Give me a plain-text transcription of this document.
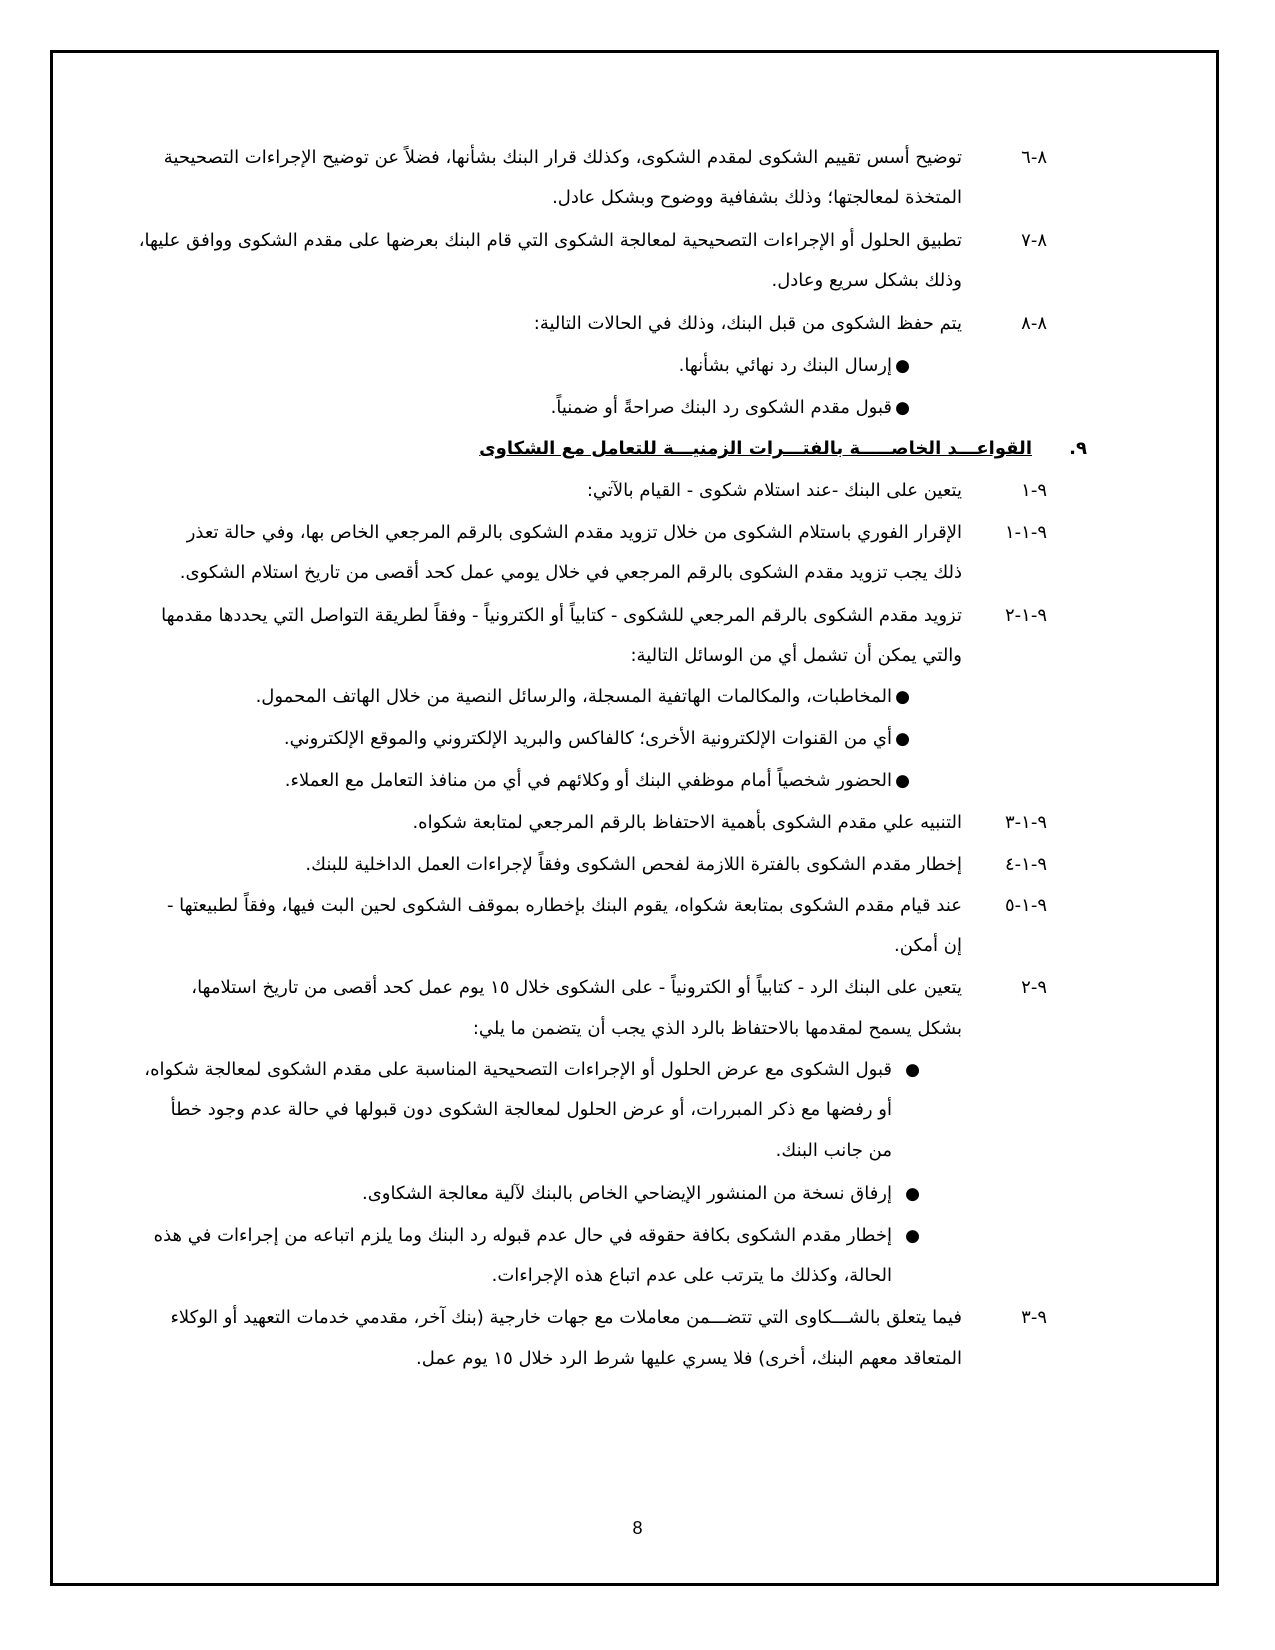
٨-٦
توضيح أسس تقييم الشكوى لمقدم الشكوى، وكذلك قرار البنك بشأنها، فضلاً عن توضيح الإجراءات التصحيحية
المتخذة لمعالجتها؛ وذلك بشفافية ووضوح وبشكل عادل.
٨-٧
تطبيق الحلول أو الإجراءات التصحيحية لمعالجة الشكوى التي قام البنك بعرضها على مقدم الشكوى ووافق عليها،
وذلك بشكل سريع وعادل.
٨-٨
يتم حفظ الشكوى من قبل البنك، وذلك في الحالات التالية:
●
إرسال البنك رد نهائي بشأنها.
●
قبول مقدم الشكوى رد البنك صراحةً أو ضمنياً.
.٩
القواعـــد الخاصـــــة بالفتـــرات الزمنيـــة للتعامل مع الشكاوى
٩-١
يتعين على البنك -عند استلام شكوى - القيام بالآتي:
٩-١-١
الإقرار الفوري باستلام الشكوى من خلال تزويد مقدم الشكوى بالرقم المرجعي الخاص بها، وفي حالة تعذر
ذلك يجب تزويد مقدم الشكوى بالرقم المرجعي في خلال يومي عمل كحد أقصى من تاريخ استلام الشكوى.
٩-١-٢
تزويد مقدم الشكوى بالرقم المرجعي للشكوى - كتابياً أو الكترونياً - وفقاً لطريقة التواصل التي يحددها مقدمها
والتي يمكن أن تشمل أي من الوسائل التالية:
●
المخاطبات، والمكالمات الهاتفية المسجلة، والرسائل النصية من خلال الهاتف المحمول.
●
أي من القنوات الإلكترونية الأخرى؛ كالفاكس والبريد الإلكتروني والموقع الإلكتروني.
●
الحضور شخصياً أمام موظفي البنك أو وكلائهم في أي من منافذ التعامل مع العملاء.
٩-١-٣
التنبيه علي مقدم الشكوى بأهمية الاحتفاظ بالرقم المرجعي لمتابعة شكواه.
٩-١-٤
إخطار مقدم الشكوى بالفترة اللازمة لفحص الشكوى وفقاً لإجراءات العمل الداخلية للبنك.
٩-١-٥
عند قيام مقدم الشكوى بمتابعة شكواه، يقوم البنك بإخطاره بموقف الشكوى لحين البت فيها، وفقاً لطبيعتها -
إن أمكن.
٩-٢
يتعين على البنك الرد - كتابياً أو الكترونياً - على الشكوى خلال ١٥ يوم عمل كحد أقصى من تاريخ استلامها،
بشكل يسمح لمقدمها بالاحتفاظ بالرد الذي يجب أن يتضمن ما يلي:
●
قبول الشكوى مع عرض الحلول أو الإجراءات التصحيحية المناسبة على مقدم الشكوى لمعالجة شكواه،
أو رفضها مع ذكر المبررات، أو عرض الحلول لمعالجة الشكوى دون قبولها في حالة عدم وجود خطأ
من جانب البنك.
●
إرفاق نسخة من المنشور الإيضاحي الخاص بالبنك لآلية معالجة الشكاوى.
●
إخطار مقدم الشكوى بكافة حقوقه في حال عدم قبوله رد البنك وما يلزم اتباعه من إجراءات في هذه
الحالة، وكذلك ما يترتب على عدم اتباع هذه الإجراءات.
٩-٣
فيما يتعلق بالشـــكاوى التي تتضـــمن معاملات مع جهات خارجية (بنك آخر، مقدمي خدمات التعهيد أو الوكلاء
المتعاقد معهم البنك، أخرى) فلا يسري عليها شرط الرد خلال ١٥ يوم عمل.
8
